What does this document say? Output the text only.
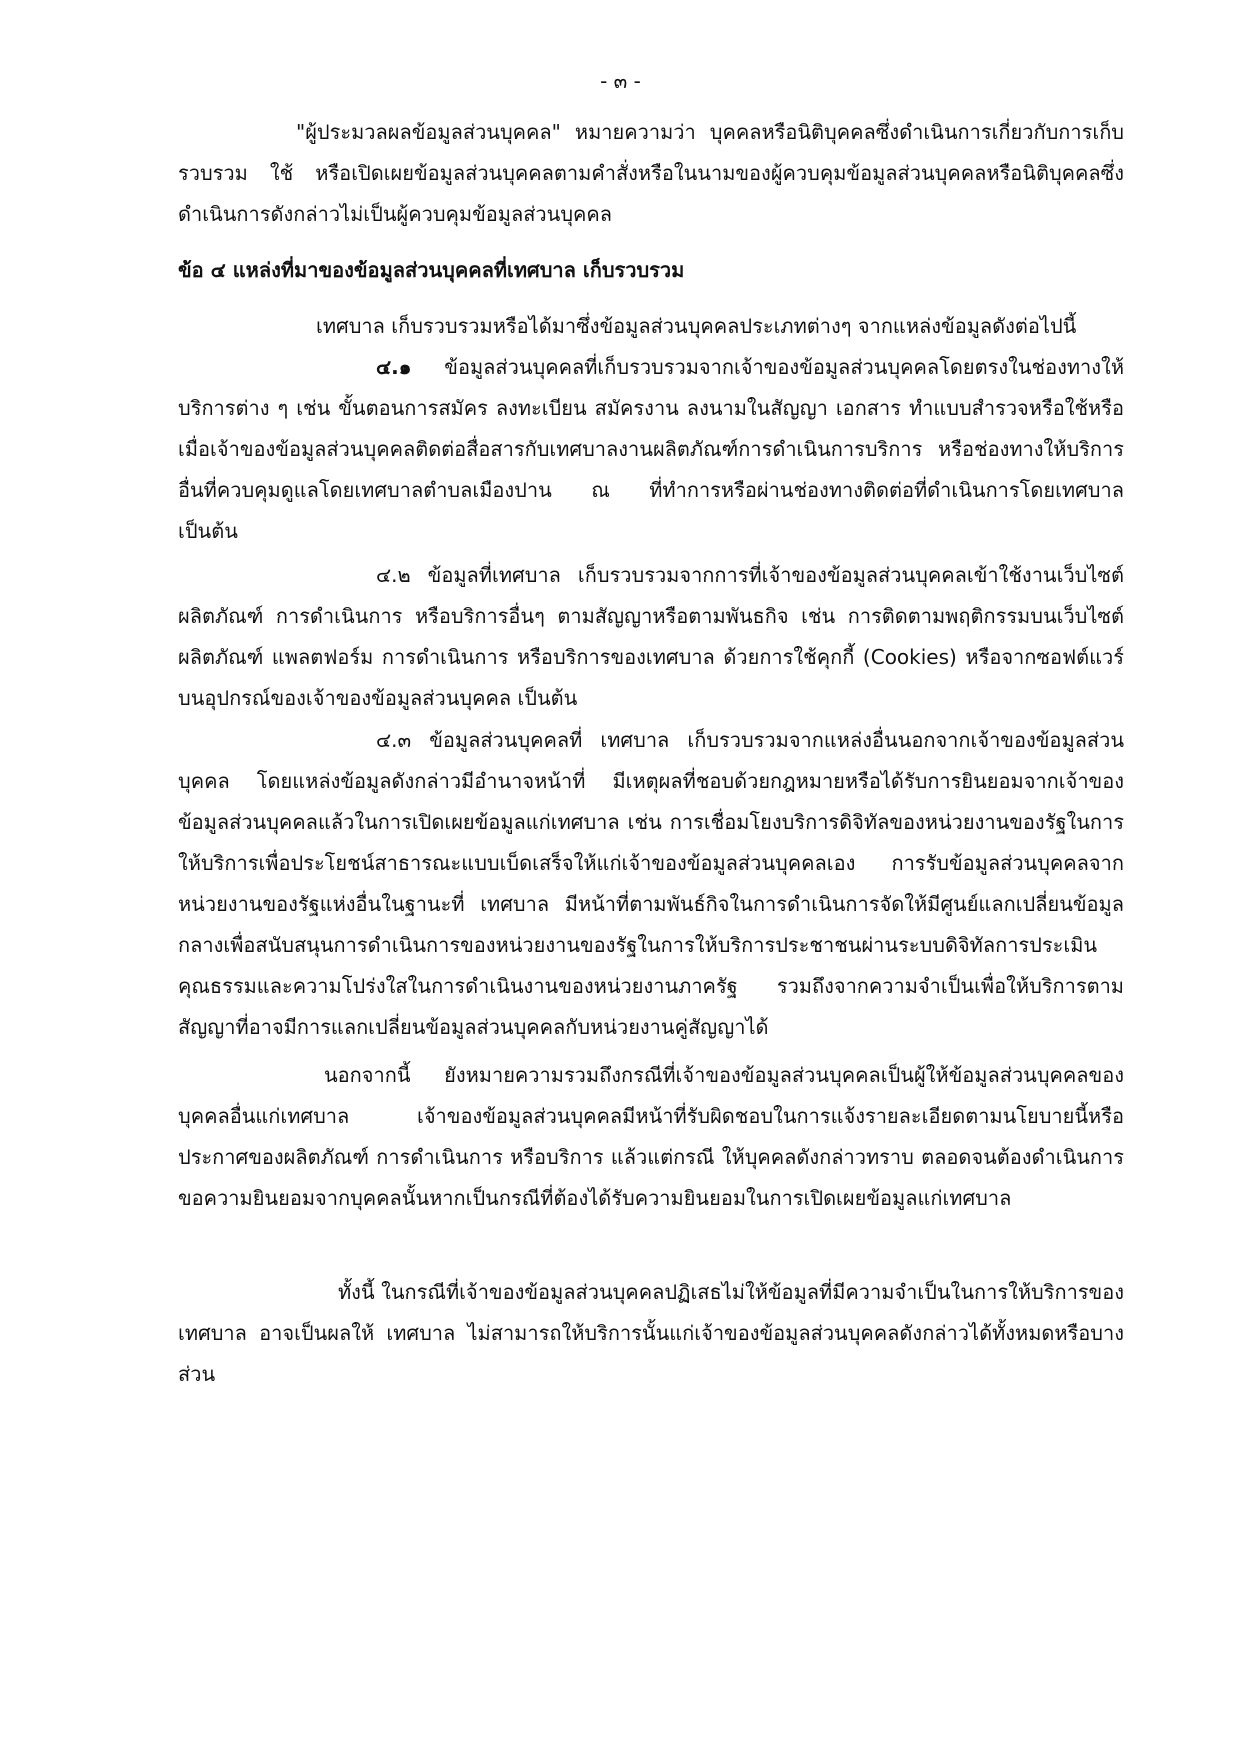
- ๓ -

"ผู้ประมวลผลข้อมูลส่วนบุคคล" หมายความว่า บุคคลหรือนิติบุคคลซึ่งดำเนินการเกี่ยวกับการเก็บรวบรวม ใช้ หรือเปิดเผยข้อมูลส่วนบุคคลตามคำสั่งหรือในนามของผู้ควบคุมข้อมูลส่วนบุคคลหรือนิติบุคคลซึ่งดำเนินการดังกล่าวไม่เป็นผู้ควบคุมข้อมูลส่วนบุคคล

ข้อ ๔ แหล่งที่มาของข้อมูลส่วนบุคคลที่เทศบาล เก็บรวบรวม

เทศบาล เก็บรวบรวมหรือได้มาซึ่งข้อมูลส่วนบุคคลประเภทต่างๆ จากแหล่งข้อมูลดังต่อไปนี้

๔.๑ ข้อมูลส่วนบุคคลที่เก็บรวบรวมจากเจ้าของข้อมูลส่วนบุคคลโดยตรงในช่องทางให้บริการต่าง ๆ เช่น ขั้นตอนการสมัคร ลงทะเบียน สมัครงาน ลงนามในสัญญา เอกสาร ทำแบบสำรวจหรือใช้หรือเมื่อเจ้าของข้อมูลส่วนบุคคลติดต่อสื่อสารกับเทศบาลงานผลิตภัณฑ์การดำเนินการบริการ หรือช่องทางให้บริการอื่นที่ควบคุมดูแลโดยเทศบาลตำบลเมืองปาน ณ ที่ทำการหรือผ่านช่องทางติดต่อที่ดำเนินการโดยเทศบาล เป็นต้น

๔.๒ ข้อมูลที่เทศบาล เก็บรวบรวมจากการที่เจ้าของข้อมูลส่วนบุคคลเข้าใช้งานเว็บไซต์ผลิตภัณฑ์ การดำเนินการ หรือบริการอื่นๆ ตามสัญญาหรือตามพันธกิจ เช่น การติดตามพฤติกรรมบนเว็บไซต์ผลิตภัณฑ์ แพลตฟอร์ม การดำเนินการ หรือบริการของเทศบาล ด้วยการใช้คุกกี้ (Cookies) หรือจากซอฟต์แวร์บนอุปกรณ์ของเจ้าของข้อมูลส่วนบุคคล เป็นต้น

๔.๓ ข้อมูลส่วนบุคคลที่ เทศบาล เก็บรวบรวมจากแหล่งอื่นนอกจากเจ้าของข้อมูลส่วนบุคคล โดยแหล่งข้อมูลดังกล่าวมีอำนาจหน้าที่ มีเหตุผลที่ชอบด้วยกฎหมายหรือได้รับการยินยอมจากเจ้าของข้อมูลส่วนบุคคลแล้วในการเปิดเผยข้อมูลแก่เทศบาล เช่น การเชื่อมโยงบริการดิจิทัลของหน่วยงานของรัฐในการให้บริการเพื่อประโยชน์สาธารณะแบบเบ็ดเสร็จให้แก่เจ้าของข้อมูลส่วนบุคคลเอง การรับข้อมูลส่วนบุคคลจากหน่วยงานของรัฐแห่งอื่นในฐานะที่ เทศบาล มีหน้าที่ตามพันธ์กิจในการดำเนินการจัดให้มีศูนย์แลกเปลี่ยนข้อมูลกลางเพื่อสนับสนุนการดำเนินการของหน่วยงานของรัฐในการให้บริการประชาชนผ่านระบบดิจิทัลการประเมินคุณธรรมและความโปร่งใสในการดำเนินงานของหน่วยงานภาครัฐ รวมถึงจากความจำเป็นเพื่อให้บริการตามสัญญาที่อาจมีการแลกเปลี่ยนข้อมูลส่วนบุคคลกับหน่วยงานคู่สัญญาได้

นอกจากนี้ ยังหมายความรวมถึงกรณีที่เจ้าของข้อมูลส่วนบุคคลเป็นผู้ให้ข้อมูลส่วนบุคคลของบุคคลอื่นแก่เทศบาล เจ้าของข้อมูลส่วนบุคคลมีหน้าที่รับผิดชอบในการแจ้งรายละเอียดตามนโยบายนี้หรือประกาศของผลิตภัณฑ์ การดำเนินการ หรือบริการ แล้วแต่กรณี ให้บุคคลดังกล่าวทราบ ตลอดจนต้องดำเนินการขอความยินยอมจากบุคคลนั้นหากเป็นกรณีที่ต้องได้รับความยินยอมในการเปิดเผยข้อมูลแก่เทศบาล

ทั้งนี้ ในกรณีที่เจ้าของข้อมูลส่วนบุคคลปฏิเสธไม่ให้ข้อมูลที่มีความจำเป็นในการให้บริการของเทศบาล อาจเป็นผลให้ เทศบาล ไม่สามารถให้บริการนั้นแก่เจ้าของข้อมูลส่วนบุคคลดังกล่าวได้ทั้งหมดหรือบางส่วน
